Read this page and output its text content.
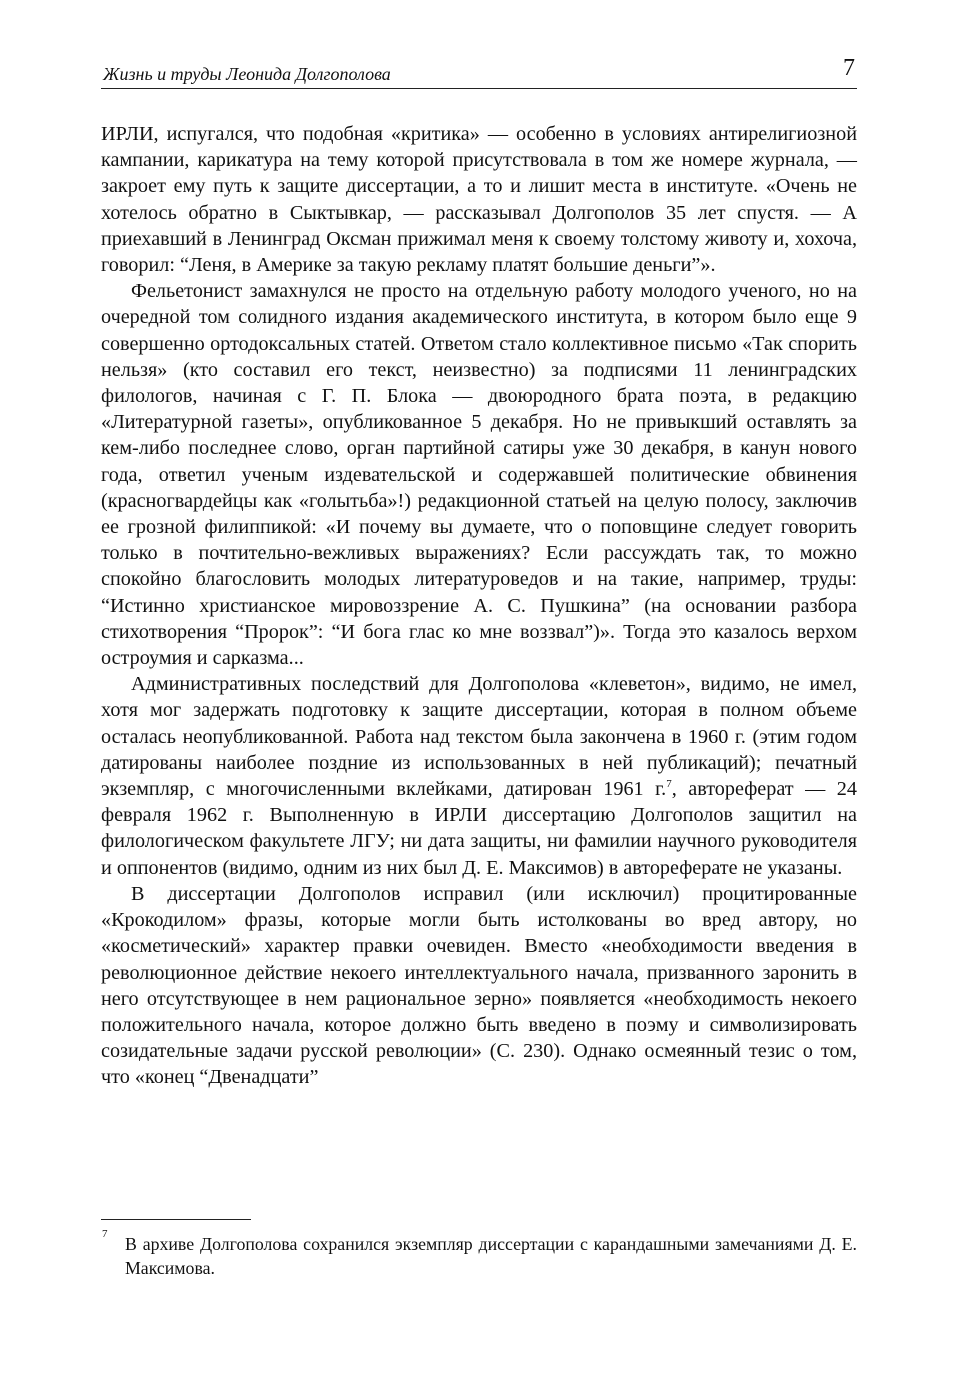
Жизнь и труды Леонида Долгополова	7

ИРЛИ, испугался, что подобная «критика» — особенно в условиях антирелигиозной кампании, карикатура на тему которой присутствовала в том же номере журнала, — закроет ему путь к защите диссертации, а то и лишит места в институте. «Очень не хотелось обратно в Сыктывкар, — рассказывал Долгополов 35 лет спустя. — А приехавший в Ленинград Оксман прижимал меня к своему толстому животу и, хохоча, говорил: “Леня, в Америке за такую рекламу платят большие деньги”».

Фельетонист замахнулся не просто на отдельную работу молодого ученого, но на очередной том солидного издания академического института, в котором было еще 9 совершенно ортодоксальных статей. Ответом стало коллективное письмо «Так спорить нельзя» (кто составил его текст, неизвестно) за подписями 11 ленинградских филологов, начиная с Г. П. Блока — двоюродного брата поэта, в редакцию «Литературной газеты», опубликованное 5 декабря. Но не привыкший оставлять за кем-либо последнее слово, орган партийной сатиры уже 30 декабря, в канун нового года, ответил ученым издевательской и содержавшей политические обвинения (красногвардейцы как «голытьба»!) редакционной статьей на целую полосу, заключив ее грозной филиппикой: «И почему вы думаете, что о поповщине следует говорить только в почтительно-вежливых выражениях? Если рассуждать так, то можно спокойно благословить молодых литературоведов и на такие, например, труды: “Истинно христианское мировоззрение А. С. Пушкина” (на основании разбора стихотворения “Пророк”: “И бога глас ко мне воззвал”)». Тогда это казалось верхом остроумия и сарказма...

Административных последствий для Долгополова «клеветон», видимо, не имел, хотя мог задержать подготовку к защите диссертации, которая в полном объеме осталась неопубликованной. Работа над текстом была закончена в 1960 г. (этим годом датированы наиболее поздние из использованных в ней публикаций); печатный экземпляр, с многочисленными вклейками, датирован 1961 г.$^7$, автореферат — 24 февраля 1962 г. Выполненную в ИРЛИ диссертацию Долгополов защитил на филологическом факультете ЛГУ; ни дата защиты, ни фамилии научного руководителя и оппонентов (видимо, одним из них был Д. Е. Максимов) в автореферате не указаны.

В диссертации Долгополов исправил (или исключил) процитированные «Крокодилом» фразы, которые могли быть истолкованы во вред автору, но «косметический» характер правки очевиден. Вместо «необходимости введения в революционное действие некоего интеллектуального начала, призванного заронить в него отсутствующее в нем рациональное зерно» появляется «необходимость некоего положительного начала, которое должно быть введено в поэму и символизировать созидательные задачи русской революции» (С. 230). Однако осмеянный тезис о том, что «конец “Двенадцати”

7 В архиве Долгополова сохранился экземпляр диссертации с карандашными замечаниями Д. Е. Максимова.
